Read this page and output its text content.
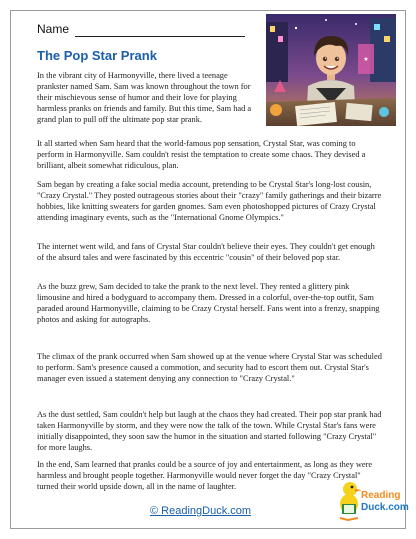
Name
The Pop Star Prank	★

In the vibrant city of Harmonyville, there lived a teenage prankster named Sam. Sam was known throughout the town for their mischievous sense of humor and their love for playing harmless pranks on friends and family. But this time, Sam had a grand plan to pull off the ultimate pop star prank.

It all started when Sam heard that the world-famous pop sensation, Crystal Star, was coming to perform in Harmonyville. Sam couldn't resist the temptation to create some chaos. They devised a brilliant, albeit somewhat ridiculous, plan.

Sam began by creating a fake social media account, pretending to be Crystal Star's long-lost cousin, "Crazy Crystal." They posted outrageous stories about their "crazy" family gatherings and their bizarre hobbies, like knitting sweaters for garden gnomes. Sam even photoshopped pictures of Crazy Crystal attending imaginary events, such as the "International Gnome Olympics."

The internet went wild, and fans of Crystal Star couldn't believe their eyes. They couldn't get enough of the absurd tales and were fascinated by this eccentric "cousin" of their beloved pop star.

As the buzz grew, Sam decided to take the prank to the next level. They rented a glittery pink limousine and hired a bodyguard to accompany them. Dressed in a colorful, over-the-top outfit, Sam paraded around Harmonyville, claiming to be Crazy Crystal herself. Fans went into a frenzy, snapping photos and asking for autographs.

The climax of the prank occurred when Sam showed up at the venue where Crystal Star was scheduled to perform. Sam's presence caused a commotion, and security had to escort them out. Crystal Star's manager even issued a statement denying any connection to "Crazy Crystal."

As the dust settled, Sam couldn't help but laugh at the chaos they had created. Their pop star prank had taken Harmonyville by storm, and they were now the talk of the town. While Crystal Star's fans were initially disappointed, they soon saw the humor in the situation and started following "Crazy Crystal" for more laughs.

In the end, Sam learned that pranks could be a source of joy and entertainment, as long as they were harmless and brought people together. Harmonyville would never forget the day "Crazy Crystal" turned their world upside down, all in the name of laughter.

© ReadingDuck.com
Reading
Duck.com
